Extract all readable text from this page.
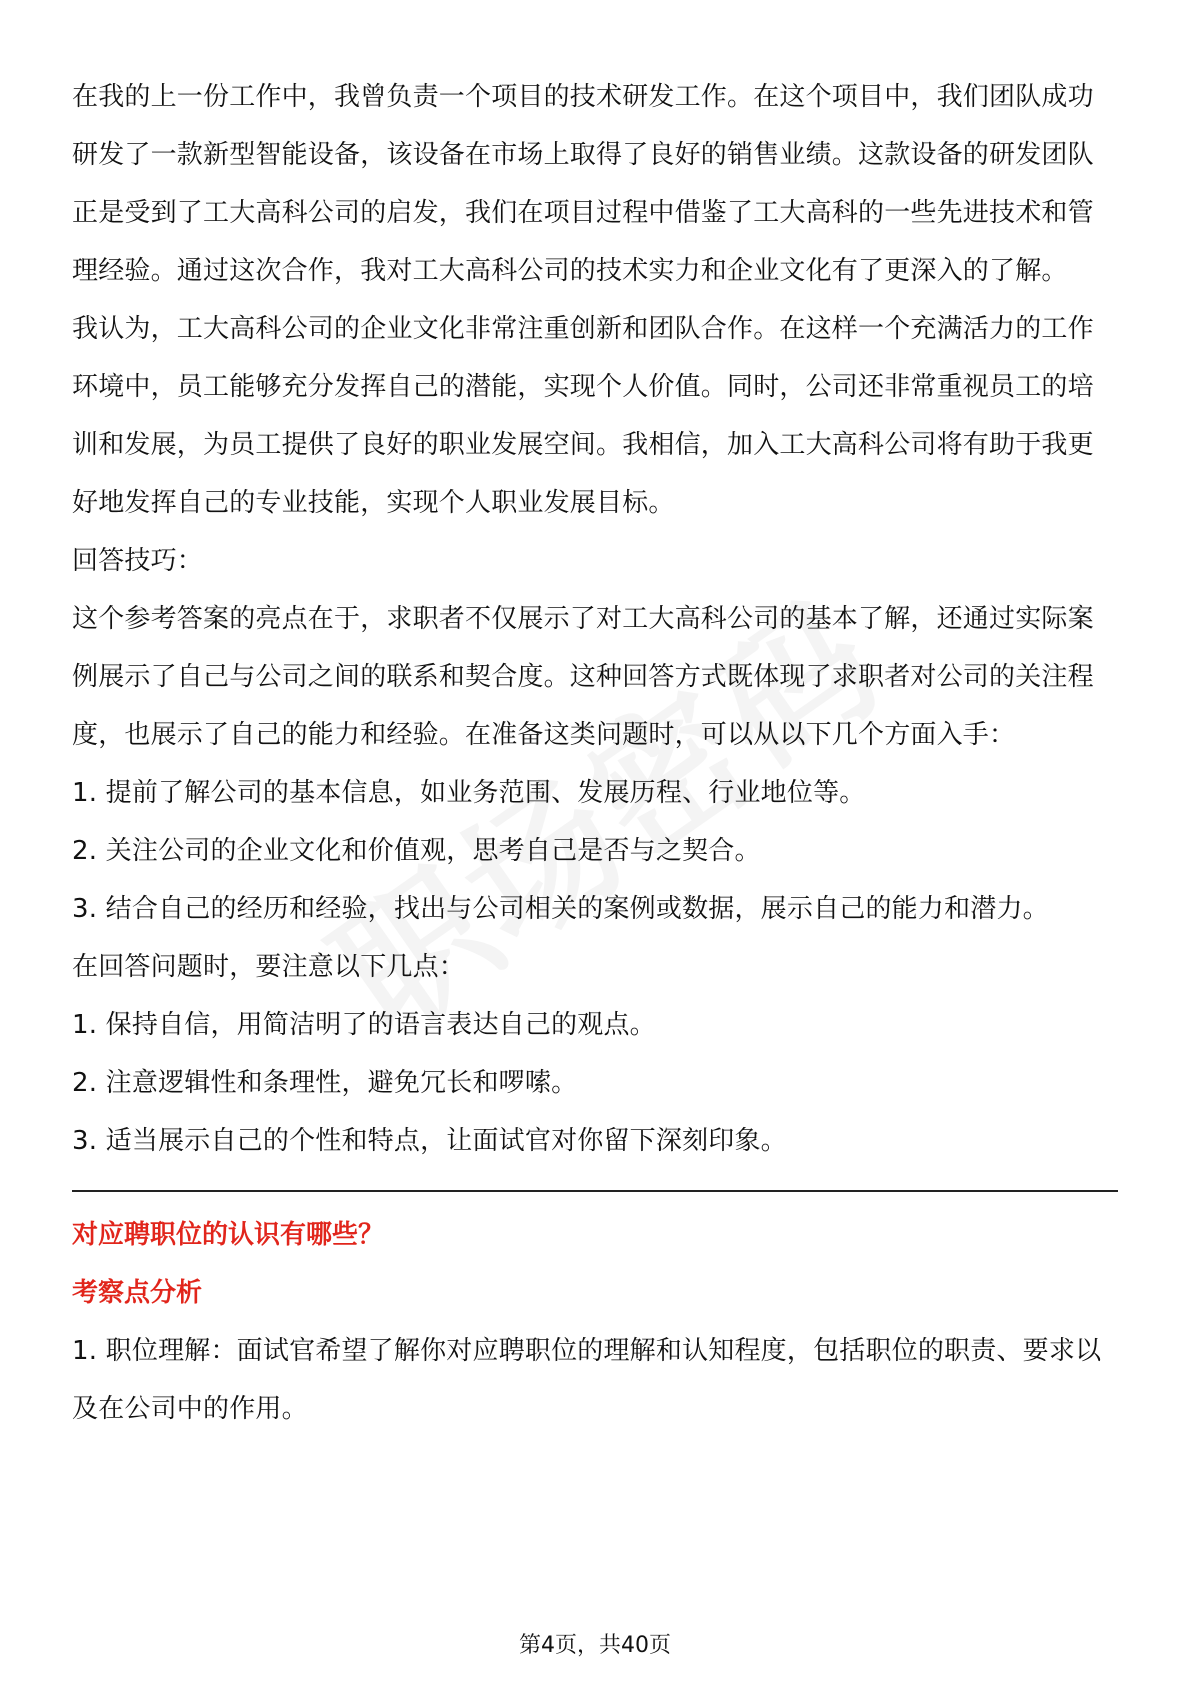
在我的上一份工作中，我曾负责一个项目的技术研发工作。在这个项目中，我们团队成功研发了一款新型智能设备，该设备在市场上取得了良好的销售业绩。这款设备的研发团队正是受到了工大高科公司的启发，我们在项目过程中借鉴了工大高科的一些先进技术和管理经验。通过这次合作，我对工大高科公司的技术实力和企业文化有了更深入的了解。

我认为，工大高科公司的企业文化非常注重创新和团队合作。在这样一个充满活力的工作环境中，员工能够充分发挥自己的潜能，实现个人价值。同时，公司还非常重视员工的培训和发展，为员工提供了良好的职业发展空间。我相信，加入工大高科公司将有助于我更好地发挥自己的专业技能，实现个人职业发展目标。

回答技巧：

这个参考答案的亮点在于，求职者不仅展示了对工大高科公司的基本了解，还通过实际案例展示了自己与公司之间的联系和契合度。这种回答方式既体现了求职者对公司的关注程度，也展示了自己的能力和经验。在准备这类问题时，可以从以下几个方面入手：

1. 提前了解公司的基本信息，如业务范围、发展历程、行业地位等。

2. 关注公司的企业文化和价值观，思考自己是否与之契合。

3. 结合自己的经历和经验，找出与公司相关的案例或数据，展示自己的能力和潜力。

在回答问题时，要注意以下几点：

1. 保持自信，用简洁明了的语言表达自己的观点。

2. 注意逻辑性和条理性，避免冗长和啰嗦。

3. 适当展示自己的个性和特点，让面试官对你留下深刻印象。

对应聘职位的认识有哪些？

考察点分析

1. 职位理解：面试官希望了解你对应聘职位的理解和认知程度，包括职位的职责、要求以及在公司中的作用。

第4页，共40页
